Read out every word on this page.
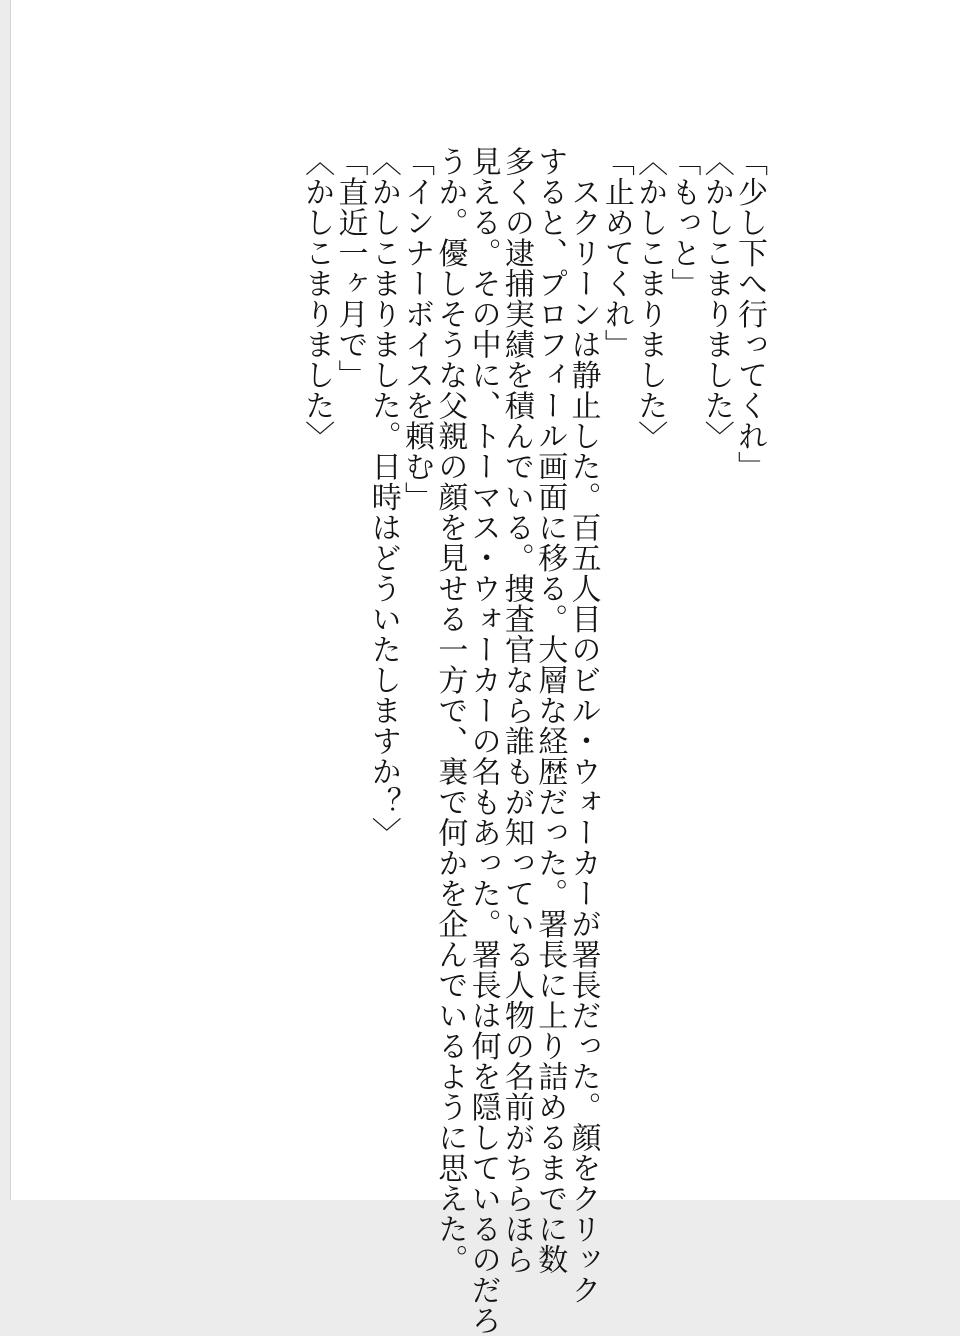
「少し下へ行ってくれ」
〈かしこまりました〉
「もっと」
〈かしこまりました〉
「止めてくれ」
　スクリーンは静止した。百五人目のビル・ウォーカーが署長だった。顔をクリック
すると、プロフィール画面に移る。大層な経歴だった。署長に上り詰めるまでに数
多くの逮捕実績を積んでいる。捜査官なら誰もが知っている人物の名前がちらほら
見える。その中に、トーマス・ウォーカーの名もあった。署長は何を隠しているのだろ
うか。優しそうな父親の顔を見せる一方で、裏で何かを企んでいるように思えた。
「インナーボイスを頼む」
〈かしこまりました。日時はどういたしますか？〉
「直近一ヶ月で」
〈かしこまりました〉
